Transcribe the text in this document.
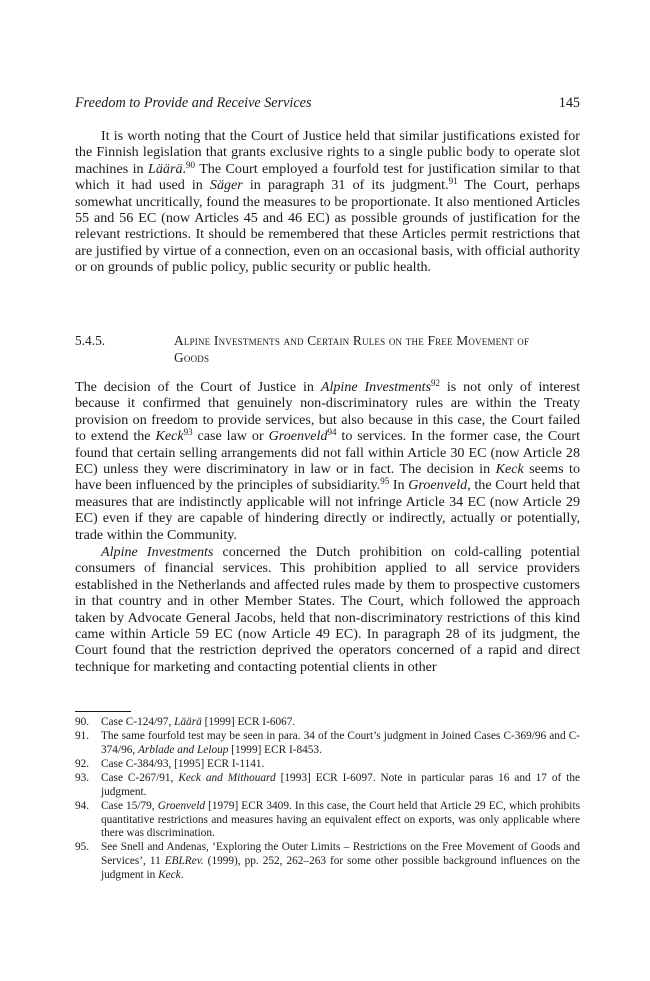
Freedom to Provide and Receive Services	145

It is worth noting that the Court of Justice held that similar justifications existed for the Finnish legislation that grants exclusive rights to a single public body to operate slot machines in Läärä.$^{90}$ The Court employed a fourfold test for justification similar to that which it had used in Säger in paragraph 31 of its judgment.$^{91}$ The Court, perhaps somewhat uncritically, found the measures to be proportionate. It also mentioned Articles 55 and 56 EC (now Articles 45 and 46 EC) as possible grounds of justification for the relevant restrictions. It should be remembered that these Articles permit restrictions that are justified by virtue of a connection, even on an occasional basis, with official authority or on grounds of public policy, public security or public health.

5.4.5.	Alpine Investments and Certain Rules on the Free Movement of Goods

The decision of the Court of Justice in Alpine Investments$^{92}$ is not only of interest because it confirmed that genuinely non-discriminatory rules are within the Treaty provision on freedom to provide services, but also because in this case, the Court failed to extend the Keck$^{93}$ case law or Groenveld$^{94}$ to services. In the former case, the Court found that certain selling arrangements did not fall within Article 30 EC (now Article 28 EC) unless they were discriminatory in law or in fact. The decision in Keck seems to have been influenced by the principles of subsidiarity.$^{95}$ In Groenveld, the Court held that measures that are indistinctly applicable will not infringe Article 34 EC (now Article 29 EC) even if they are capable of hindering directly or indirectly, actually or potentially, trade within the Community.

Alpine Investments concerned the Dutch prohibition on cold-calling potential consumers of financial services. This prohibition applied to all service providers established in the Netherlands and affected rules made by them to prospective customers in that country and in other Member States. The Court, which followed the approach taken by Advocate General Jacobs, held that non-discriminatory restrictions of this kind came within Article 59 EC (now Article 49 EC). In paragraph 28 of its judgment, the Court found that the restriction deprived the operators concerned of a rapid and direct technique for marketing and contacting potential clients in other

90. Case C-124/97, Läärä [1999] ECR I-6067.

91. The same fourfold test may be seen in para. 34 of the Court’s judgment in Joined Cases C-369/96 and C-374/96, Arblade and Leloup [1999] ECR I-8453.

92. Case C-384/93, [1995] ECR I-1141.

93. Case C-267/91, Keck and Mithouard [1993] ECR I-6097. Note in particular paras 16 and 17 of the judgment.

94. Case 15/79, Groenveld [1979] ECR 3409. In this case, the Court held that Article 29 EC, which prohibits quantitative restrictions and measures having an equivalent effect on exports, was only applicable where there was discrimination.

95. See Snell and Andenas, ‘Exploring the Outer Limits – Restrictions on the Free Movement of Goods and Services’, 11 EBLRev. (1999), pp. 252, 262–263 for some other possible background influences on the judgment in Keck.
